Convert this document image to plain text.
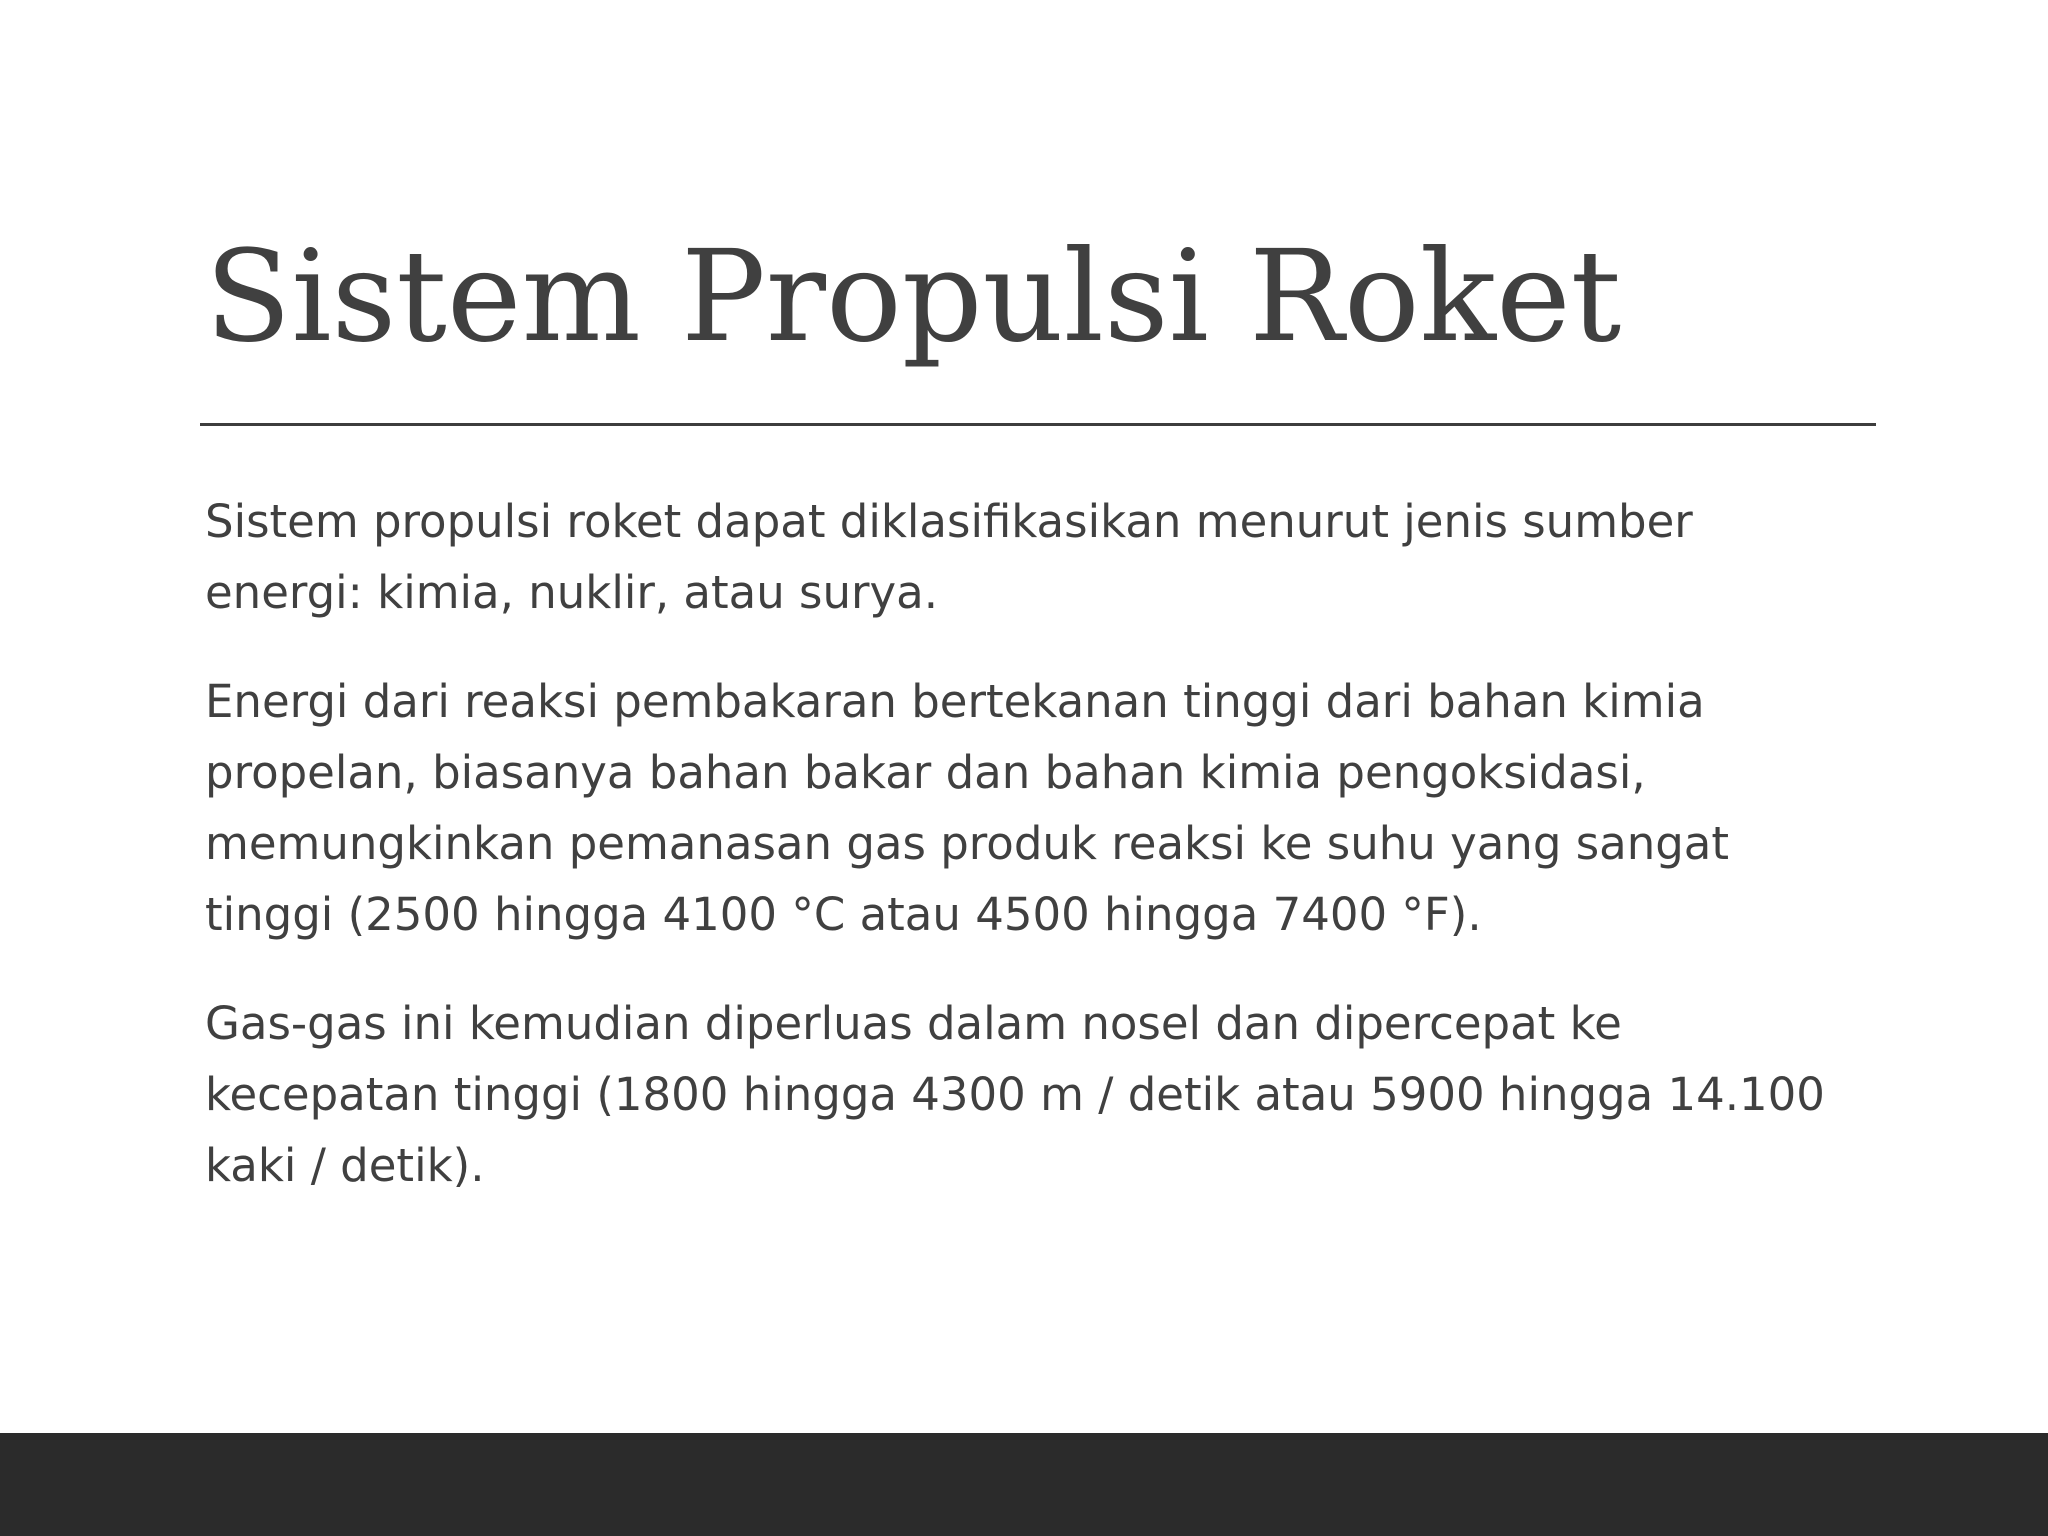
Sistem Propulsi Roket

Sistem propulsi roket dapat diklasifikasikan menurut jenis sumber
energi: kimia, nuklir, atau surya.

Energi dari reaksi pembakaran bertekanan tinggi dari bahan kimia
propelan, biasanya bahan bakar dan bahan kimia pengoksidasi,
memungkinkan pemanasan gas produk reaksi ke suhu yang sangat
tinggi (2500 hingga 4100 °C atau 4500 hingga 7400 °F).

Gas-gas ini kemudian diperluas dalam nosel dan dipercepat ke
kecepatan tinggi (1800 hingga 4300 m / detik atau 5900 hingga 14.100
kaki / detik).
